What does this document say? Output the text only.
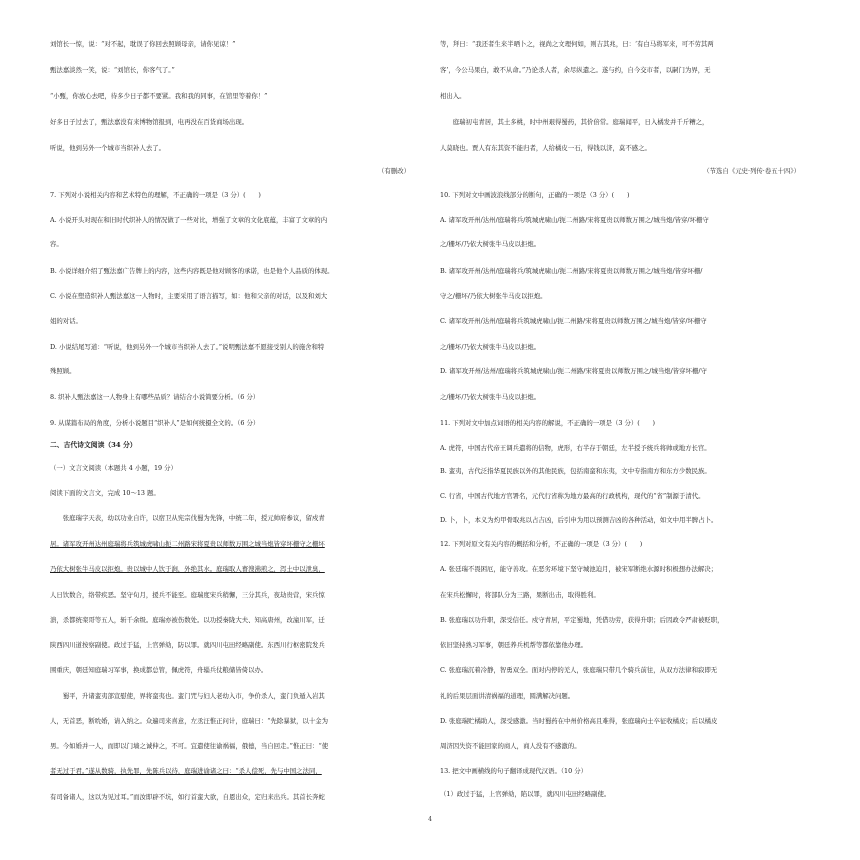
刘馆长一惊，说：“对不起，耽误了你回去照顾母亲，请你见谅！”
甄法嘉淡然一笑，说：“刘馆长，你客气了。”
“小甄，你放心去吧，待多少日子都不要紧。我和我的同事，在馆里等着你！”
好多日子过去了，甄法嘉没有来博物馆报到，电再没在百货商场出现。
听说，他到另外一个城市当织补人去了。
（有删改）
7. 下列对小说相关内容和艺术特色的理解，不正确的一项是（3 分）(　　)
A. 小说开头对现在和旧时代织补人的情况做了一些对比，增强了文章的文化底蕴，丰富了文章的内
容。
B. 小说详细介绍了甄法嘉广告牌上的内容，这些内容既是他对顾客的承诺，也是他个人品质的体现。
C. 小说在塑造织补人甄法嘉这一人物时，主要采用了语言描写，如：他和父亲的对话，以及和刘大
姐的对话。
D. 小说结尾写道：“听说，他到另外一个城市当织补人去了。”说明甄法嘉不愿接受别人的施舍和特
殊照顾。
8. 织补人甄法嘉这一人物身上有哪些品质？请结合小说简要分析。（6 分）
9. 从谋篇布局的角度，分析小说题目“织补人”是如何统摄全文的。（6 分）
二、古代诗文阅读（34 分）
（一）文言文阅读（本题共 4 小题，19 分）
阅读下面的文言文，完成 10～13 题。
　　张庭瑞字天表，幼以功业自许，以宿卫从宪宗伐蜀为先锋，中统二年，授元帅府参议，留戍青
居。诸军攻开州达州庭瑞将兵筑城虎啸山扼二州路宋将夏贵以师数万围之城当炮皆穿坏栅守之栅坏
乃依大树张牛马皮以拒炮。贵以城中人饮于涧，外绝其水。庭瑞取人畜溲沸煎之，泻土中以泄臭，
人日饮数合，络带疾恶。坚守旬月，援兵不能至。庭瑞度宋兵稍懈，三分其兵，夜劫贵营，宋兵惊
溃，杀都统栾哥等五人，斩千余级。庭瑞亦被伤数处。以功授秦陇大夫、知高唐州，改潼川军，迁
陕西四川道按察副使。政过于猛，上官弹劾，防以罪。就四川屯田经略副使。东西川行枢密院发兵
围重庆，朝廷知庭瑞习军事，换成都总管，佩虎符，舟辎兵仗粮储皆倚以办。
　　蜀平，升诸蛮夷部宣慰使，界将蛮夷也。蛮门咒与妇人老幼入市，争价杀人，蛮门负遁入岩其
人，无首恶，断吮婚，请入纳之。众遍司来喜意，左丞汪惟正问计，庭瑞曰：“先除暴狱，以十金为
男。今如婚并一人，而即以门墙之诚伸之，不可。宜遣使往谕祸福，俄德，当自回走。”惟正曰：“使
者无过于君。”遂从数骑，执先罪，先陈兵以待，庭瑞进谕诸之曰：“杀人偿死，先与中国之法同，
有司备诸人，这以为见过耳。”而汝即辟不坑，如行首蛮大欲，自恩出众，定归来出兵。其首长奔蛇
等，拜曰：“我还者生来半晒卜之，视尚之文理何如，则吉其兆，曰：‘有白马将军来，可不劳其两
客’，今公马果白，敢不从命。”乃论杀人者，余尽纵遣之。遂与约，自今交市者，以嗣门为界，无
相出入。
　　庭瑞初屯青居，其土多桃，时中州艰得蜀药，其价倍常。庭瑞闻平，日入橘发并千斤糟之，
人莫晓也。贾人有东其资不能归者，人给橘皮一石，得钱以济，莫不感之。
（节选自《元史·列传·卷五十四》）
10. 下列对文中画波浪线部分的断句，正确的一项是（3 分）(　　)
A. 诸军攻开州/达州/庭瑞将兵/筑城虎啸山/扼二州路/宋将夏贵以师数万围之/城当炮/皆穿/坏栅守
之/栅坏/乃依大树张牛马皮以拒炮。
B. 诸军攻开州/达州/庭瑞将兵/筑城虎啸山/扼二州路/宋将夏贵以师数万围之/城当炮/皆穿坏栅/
守之/栅坏/乃依大树张牛马皮以拒炮。
C. 诸军攻开州/达州/庭瑞将兵筑城虎啸山/扼二州路/宋将夏贵以师数万围之/城当炮/皆穿/坏栅守
之/栅坏/乃依大树张牛马皮以拒炮。
D. 诸军攻开州/达州/庭瑞将兵筑城虎啸山/扼二州路/宋将夏贵以师数万围之/城当炮/皆穿坏栅/守
之/栅坏/乃依大树张牛马皮以拒炮。
11. 下列对文中加点词语的相关内容的解说，不正确的一项是（3 分）(　　)
A. 虎符，中国古代帝王调兵遣将的信物，虎形，右半存于朝廷，左半授予统兵将帅或地方长官。
B. 蛮夷，古代泛指华夏民族以外的其他民族，包括南蛮和东夷，文中专指南方和东方少数民族。
C. 行省，中国古代地方官署名，元代行省称为地方最高的行政机构，现代的“省”制源于清代。
D. 卜，卜，本义为灼甲骨取兆以占吉凶，后引申为用以预测吉凶的各种活动，如文中用半脾占卜。
12. 下列对原文有关内容的概括和分析，不正确的一项是（3 分）(　　)
A. 张廷瑞不畏困厄，能守善攻。在恶劣环境下坚守城池迫月，被宋军断绝水源时积极想办法解决；
在宋兵松懈时，将部队分为三路，果断出击，取得胜利。
B. 张庭瑞以功升职，深受信任。戍守青居，平定蜀地，凭借功劳，获得升职；后因政令严肃被贬职，
依旧坚持熟习军事，朝廷养兵机帮等都依靠他办理。
C. 张庭瑞沉着冷静，智勇双全。面对内停的羌人，张庭瑞只带几个骑兵前往，从双方法律和寂即无
礼的后果层面讲清祸福的道理，圆满解决问题。
D. 张庭瑞贮橘助人，深受感激。当时蜀药在中州价格高且难得，张庭瑞向士卒征收橘皮；后以橘皮
周济因失资不能回家的商人，商人没有不感激的。
13. 把文中画横线的句子翻译成现代汉语。（10 分）
（1）政过于猛，上官弹劾，陷以罪，就四川屯田经略副使。
4
